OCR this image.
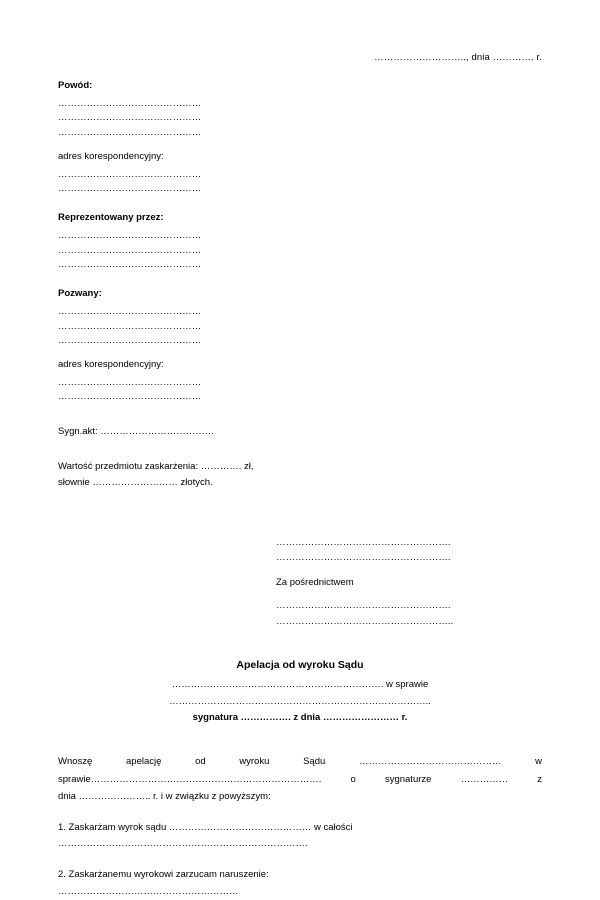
……………………….., dnia …………. r.
Powód:
………………………………………
………………………………………
………………………………………
adres korespondencyjny:
………………………………………
………………………………………
Reprezentowany przez:
………………………………………
………………………………………
………………………………………
Pozwany:
………………………………………
………………………………………
………………………………………
adres korespondencyjny:
………………………………………
………………………………………
Sygn.akt: ………………………………
Wartość przedmiotu zaskarżenia: …………. zł,
słownie ……………………… złotych.
……………………………………………….
……………………………………………….
Za pośrednictwem
……………………………………………….
………………………………………………..
Apelacja od wyroku Sądu
…………………………………………………………. w sprawie
………………………………………………………………………..
sygnatura ……………. z dnia …………………… r.
Wnoszę	apelację	od	wyroku	Sądu	………………………………………	w
sprawie……………………………………………………………….	o	sygnaturze	……………	z
dnia ………………….. r. i w związku z powyższym:
1. Zaskarżam wyrok sądu ……………………………………… w całości
…………………………………………………………………….
2. Zaskarżanemu wyrokowi zarzucam naruszenie:
…………………………………………………
